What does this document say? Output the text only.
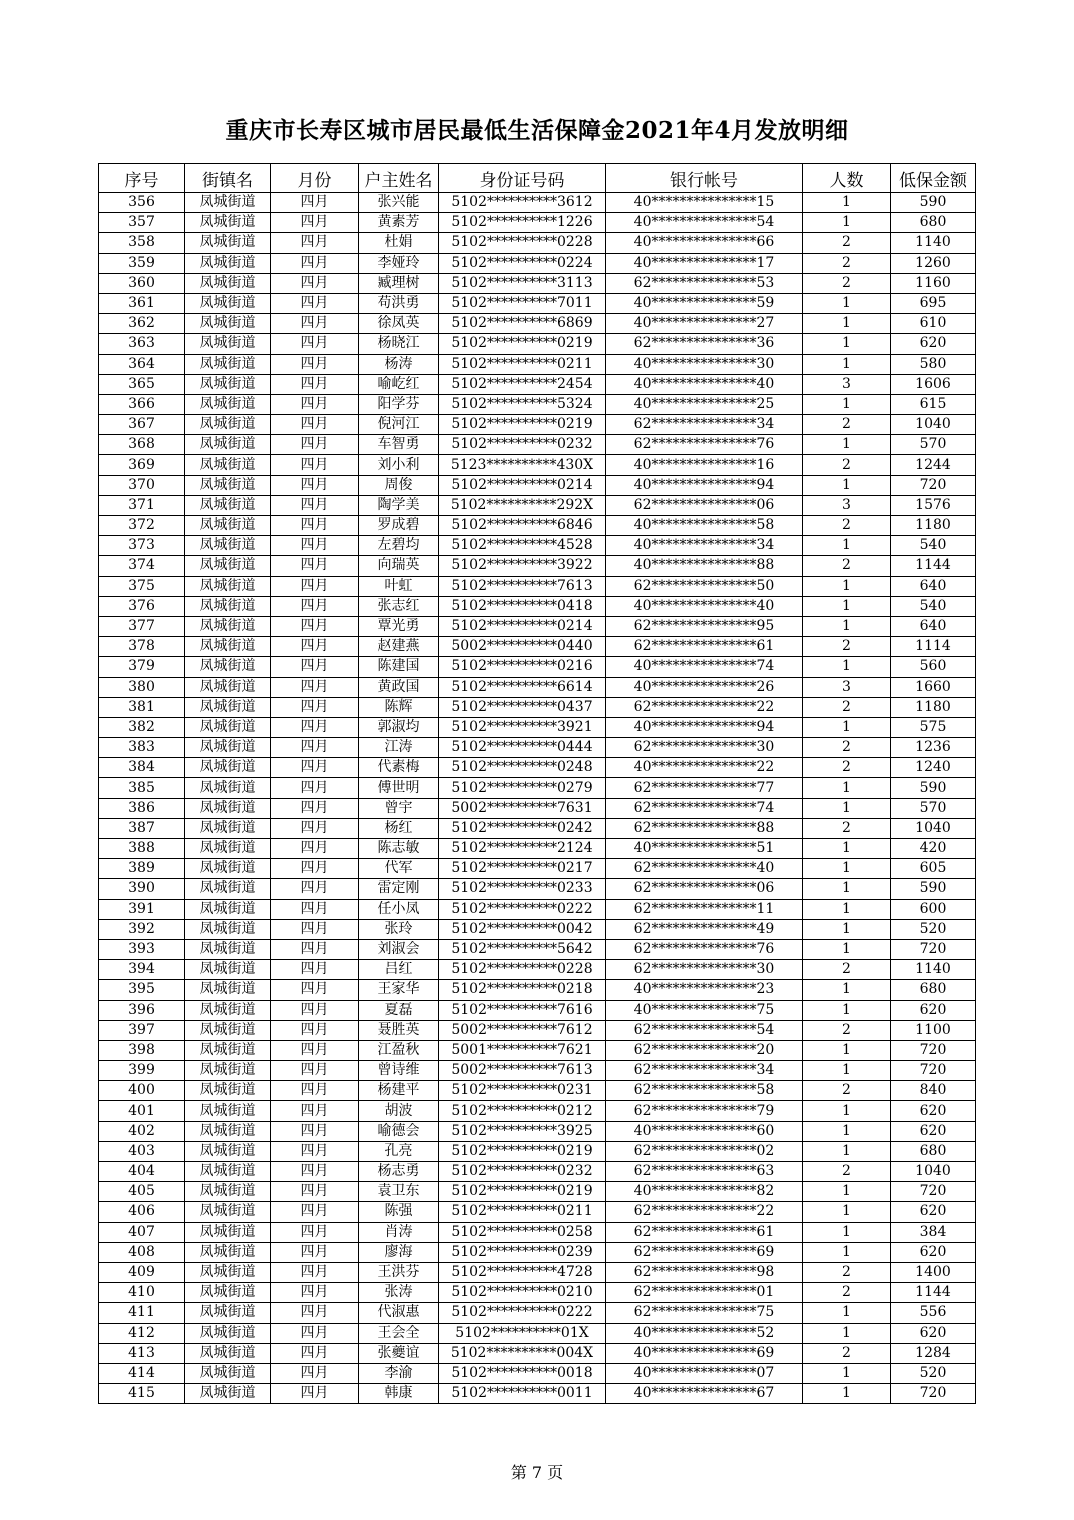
重庆市长寿区城市居民最低生活保障金2021年4月发放明细
序号	街镇名	月份	户主姓名	身份证号码	银行帐号	人数	低保金额
356	凤城街道	四月	张兴能	5102**********3612	40***************15	1	590
357	凤城街道	四月	黄素芳	5102**********1226	40***************54	1	680
358	凤城街道	四月	杜娟	5102**********0228	40***************66	2	1140
359	凤城街道	四月	李娅玲	5102**********0224	40***************17	2	1260
360	凤城街道	四月	臧理树	5102**********3113	62***************53	2	1160
361	凤城街道	四月	苟洪勇	5102**********7011	40***************59	1	695
362	凤城街道	四月	徐凤英	5102**********6869	40***************27	1	610
363	凤城街道	四月	杨晓江	5102**********0219	62***************36	1	620
364	凤城街道	四月	杨涛	5102**********0211	40***************30	1	580
365	凤城街道	四月	喻屹红	5102**********2454	40***************40	3	1606
366	凤城街道	四月	阳学芬	5102**********5324	40***************25	1	615
367	凤城街道	四月	倪河江	5102**********0219	62***************34	2	1040
368	凤城街道	四月	车智勇	5102**********0232	62***************76	1	570
369	凤城街道	四月	刘小利	5123**********430X	40***************16	2	1244
370	凤城街道	四月	周俊	5102**********0214	40***************94	1	720
371	凤城街道	四月	陶学美	5102**********292X	62***************06	3	1576
372	凤城街道	四月	罗成碧	5102**********6846	40***************58	2	1180
373	凤城街道	四月	左碧均	5102**********4528	40***************34	1	540
374	凤城街道	四月	向瑞英	5102**********3922	40***************88	2	1144
375	凤城街道	四月	叶虹	5102**********7613	62***************50	1	640
376	凤城街道	四月	张志红	5102**********0418	40***************40	1	540
377	凤城街道	四月	覃光勇	5102**********0214	62***************95	1	640
378	凤城街道	四月	赵建燕	5002**********0440	62***************61	2	1114
379	凤城街道	四月	陈建国	5102**********0216	40***************74	1	560
380	凤城街道	四月	黄政国	5102**********6614	40***************26	3	1660
381	凤城街道	四月	陈辉	5102**********0437	62***************22	2	1180
382	凤城街道	四月	郭淑均	5102**********3921	40***************94	1	575
383	凤城街道	四月	江涛	5102**********0444	62***************30	2	1236
384	凤城街道	四月	代素梅	5102**********0248	40***************22	2	1240
385	凤城街道	四月	傅世明	5102**********0279	62***************77	1	590
386	凤城街道	四月	曾宇	5002**********7631	62***************74	1	570
387	凤城街道	四月	杨红	5102**********0242	62***************88	2	1040
388	凤城街道	四月	陈志敏	5102**********2124	40***************51	1	420
389	凤城街道	四月	代军	5102**********0217	62***************40	1	605
390	凤城街道	四月	雷定刚	5102**********0233	62***************06	1	590
391	凤城街道	四月	任小凤	5102**********0222	62***************11	1	600
392	凤城街道	四月	张玲	5102**********0042	62***************49	1	520
393	凤城街道	四月	刘淑会	5102**********5642	62***************76	1	720
394	凤城街道	四月	吕红	5102**********0228	62***************30	2	1140
395	凤城街道	四月	王家华	5102**********0218	40***************23	1	680
396	凤城街道	四月	夏磊	5102**********7616	40***************75	1	620
397	凤城街道	四月	聂胜英	5002**********7612	62***************54	2	1100
398	凤城街道	四月	江盈秋	5001**********7621	62***************20	1	720
399	凤城街道	四月	曾诗维	5002**********7613	62***************34	1	720
400	凤城街道	四月	杨建平	5102**********0231	62***************58	2	840
401	凤城街道	四月	胡波	5102**********0212	62***************79	1	620
402	凤城街道	四月	喻德会	5102**********3925	40***************60	1	620
403	凤城街道	四月	孔亮	5102**********0219	62***************02	1	680
404	凤城街道	四月	杨志勇	5102**********0232	62***************63	2	1040
405	凤城街道	四月	袁卫东	5102**********0219	40***************82	1	720
406	凤城街道	四月	陈强	5102**********0211	62***************22	1	620
407	凤城街道	四月	肖涛	5102**********0258	62***************61	1	384
408	凤城街道	四月	廖海	5102**********0239	62***************69	1	620
409	凤城街道	四月	王洪芬	5102**********4728	62***************98	2	1400
410	凤城街道	四月	张涛	5102**********0210	62***************01	2	1144
411	凤城街道	四月	代淑惠	5102**********0222	62***************75	1	556
412	凤城街道	四月	王会全	5102**********01X	40***************52	1	620
413	凤城街道	四月	张夔谊	5102**********004X	40***************69	2	1284
414	凤城街道	四月	李渝	5102**********0018	40***************07	1	520
415	凤城街道	四月	韩康	5102**********0011	40***************67	1	720
第 7 页
